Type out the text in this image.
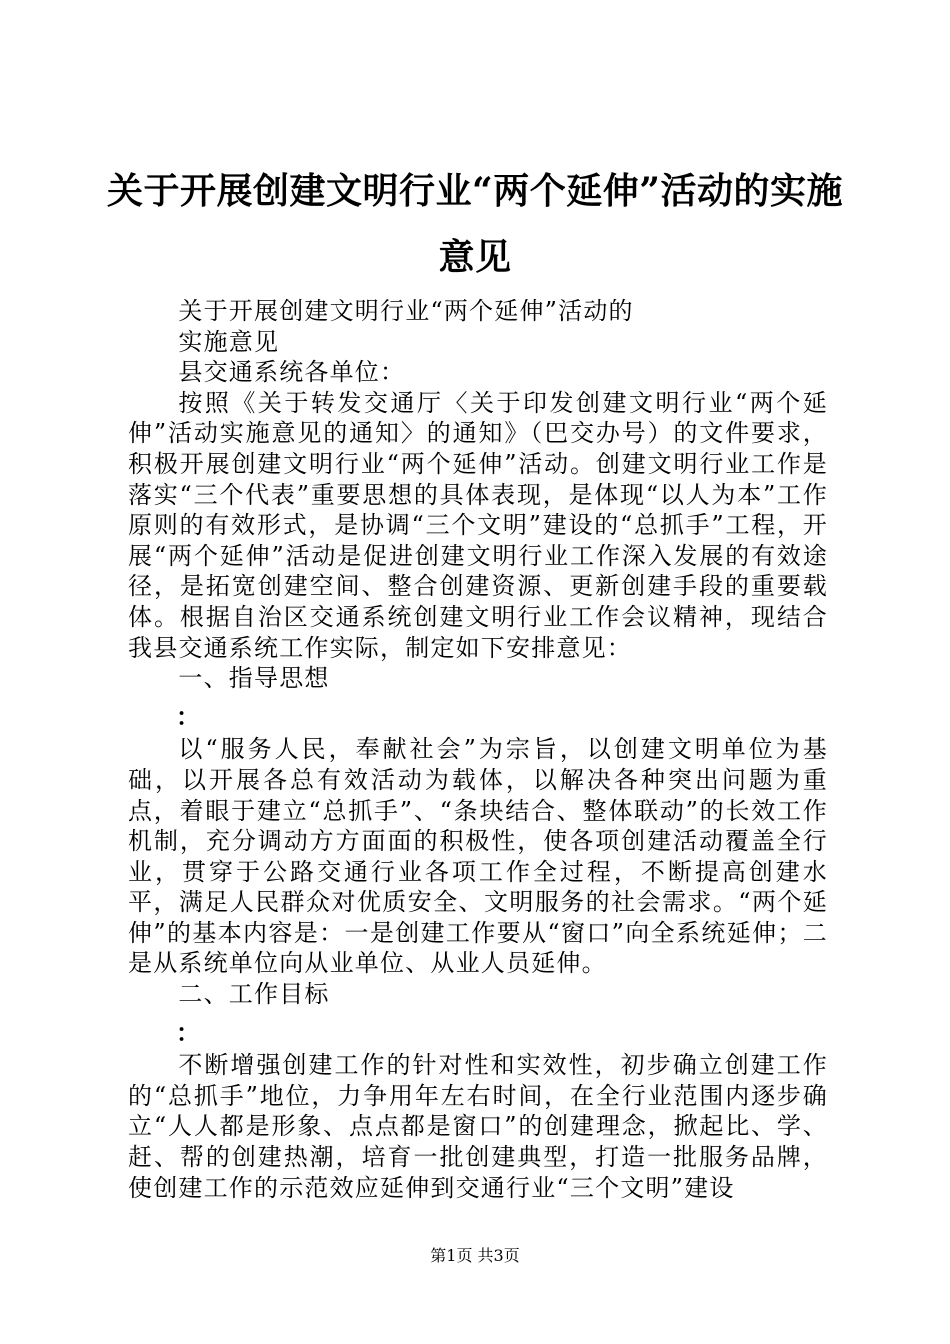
关于开展创建文明行业“两个延伸”活动的实施意见

关于开展创建文明行业“两个延伸”活动的

实施意见

县交通系统各单位：

按照《关于转发交通厅〈关于印发创建文明行业“两个延伸”活动实施意见的通知〉的通知》（巴交办号）的文件要求，积极开展创建文明行业“两个延伸”活动。创建文明行业工作是落实“三个代表”重要思想的具体表现，是体现“以人为本”工作原则的有效形式，是协调“三个文明”建设的“总抓手”工程，开展“两个延伸”活动是促进创建文明行业工作深入发展的有效途径，是拓宽创建空间、整合创建资源、更新创建手段的重要载体。根据自治区交通系统创建文明行业工作会议精神，现结合我县交通系统工作实际，制定如下安排意见：

一、指导思想

：

以“服务人民，奉献社会”为宗旨，以创建文明单位为基础，以开展各总有效活动为载体，以解决各种突出问题为重点，着眼于建立“总抓手”、“条块结合、整体联动”的长效工作机制，充分调动方方面面的积极性，使各项创建活动覆盖全行业，贯穿于公路交通行业各项工作全过程，不断提高创建水平，满足人民群众对优质安全、文明服务的社会需求。“两个延伸”的基本内容是：一是创建工作要从“窗口”向全系统延伸；二是从系统单位向从业单位、从业人员延伸。

二、工作目标

：

不断增强创建工作的针对性和实效性，初步确立创建工作的“总抓手”地位，力争用年左右时间，在全行业范围内逐步确立“人人都是形象、点点都是窗口”的创建理念，掀起比、学、赶、帮的创建热潮，培育一批创建典型，打造一批服务品牌，使创建工作的示范效应延伸到交通行业“三个文明”建设

第1页 共3页
